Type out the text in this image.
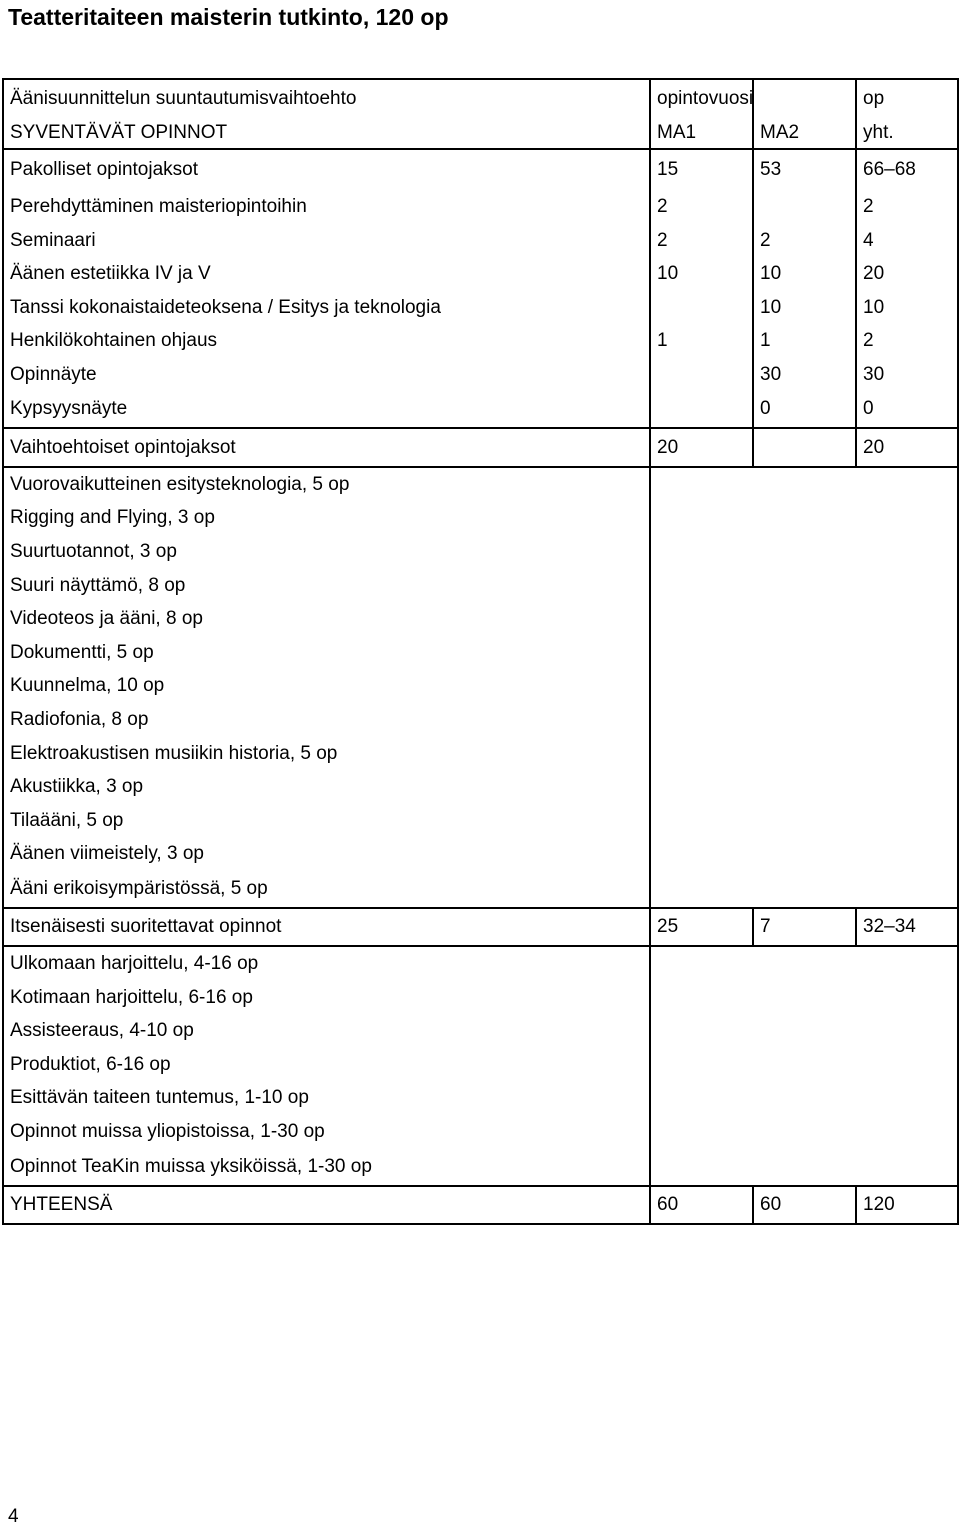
Teatteritaiteen maisterin tutkinto, 120 op
Äänisuunnittelun suuntautumisvaihtoehto	opintovuosi		op
SYVENTÄVÄT OPINNOT	MA1	MA2	yht.
Pakolliset opintojaksot	15	53	66–68
Perehdyttäminen maisteriopintoihin	2		2
Seminaari	2	2	4
Äänen estetiikka IV ja V	10	10	20
Tanssi kokonaistaideteoksena / Esitys ja teknologia		10	10
Henkilökohtainen ohjaus	1	1	2
Opinnäyte		30	30
Kypsyysnäyte		0	0
Vaihtoehtoiset opintojaksot	20		20
Vuorovaikutteinen esitysteknologia, 5 op			
Rigging and Flying, 3 op			
Suurtuotannot, 3 op			
Suuri näyttämö, 8 op			
Videoteos ja ääni, 8 op			
Dokumentti, 5 op			
Kuunnelma, 10 op			
Radiofonia, 8 op			
Elektroakustisen musiikin historia, 5 op			
Akustiikka, 3 op			
Tilaääni, 5 op			
Äänen viimeistely, 3 op			
Ääni erikoisympäristössä, 5 op			
Itsenäisesti suoritettavat opinnot	25	7	32–34
Ulkomaan harjoittelu, 4-16 op			
Kotimaan harjoittelu, 6-16 op			
Assisteeraus, 4-10 op			
Produktiot, 6-16 op			
Esittävän taiteen tuntemus, 1-10 op			
Opinnot muissa yliopistoissa, 1-30 op			
Opinnot TeaKin muissa yksiköissä, 1-30 op			
YHTEENSÄ	60	60	120
4
